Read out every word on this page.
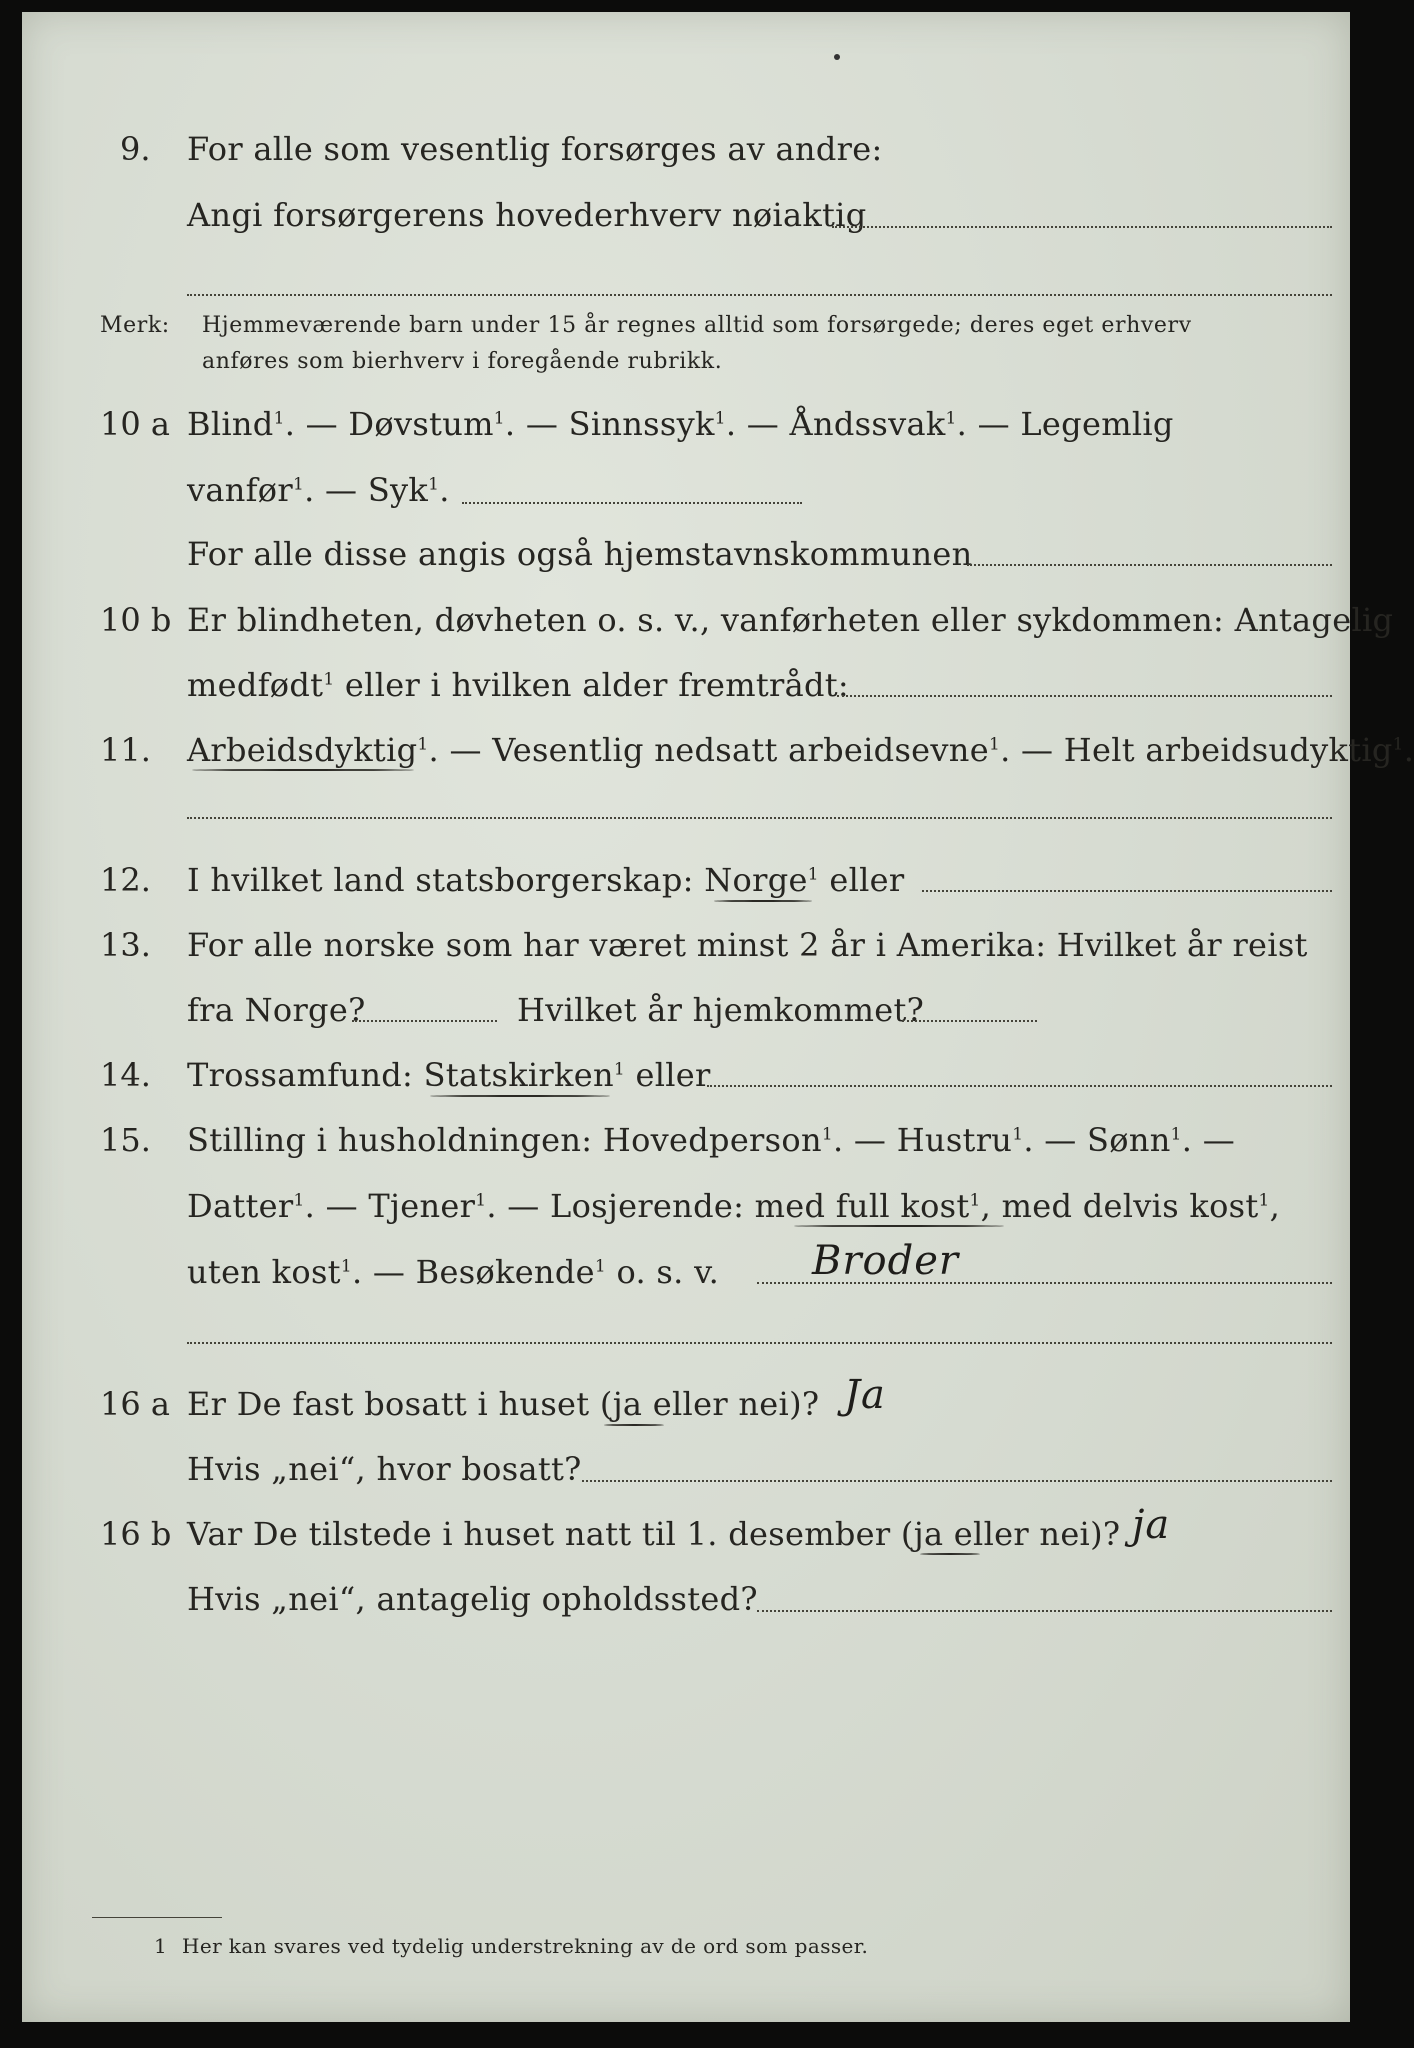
9. For alle som vesentlig forsørges av andre:
Angi forsørgerens hovederhverv nøiaktig
Merk: Hjemmeværende barn under 15 år regnes alltid som forsørgede; deres eget erhverv
anføres som bierhverv i foregående rubrikk.
10 a Blind$^1$. — Døvstum$^1$. — Sinnssyk$^1$. — Åndssvak$^1$. — Legemlig
vanfør$^1$. — Syk$^1$.
For alle disse angis også hjemstavnskommunen
10 b Er blindheten, døvheten o. s. v., vanførheten eller sykdommen: Antagelig
medfødt$^1$ eller i hvilken alder fremtrådt:
11. Arbeidsdyktig$^1$. — Vesentlig nedsatt arbeidsevne$^1$. — Helt arbeidsudyktig$^1$.
12. I hvilket land statsborgerskap: Norge$^1$ eller
13. For alle norske som har været minst 2 år i Amerika: Hvilket år reist
fra Norge?	Hvilket år hjemkommet?
14. Trossamfund: Statskirken$^1$ eller
15. Stilling i husholdningen: Hovedperson$^1$. — Hustru$^1$. — Sønn$^1$. —
Datter$^1$. — Tjener$^1$. — Losjerende: med full kost$^1$, med delvis kost$^1$,
uten kost$^1$. — Besøkende$^1$ o. s. v. Broder
16 a Er De fast bosatt i huset (ja eller nei)? Ja
Hvis „nei“, hvor bosatt?
16 b Var De tilstede i huset natt til 1. desember (ja eller nei)? ja
Hvis „nei“, antagelig opholdssted?
1 Her kan svares ved tydelig understrekning av de ord som passer.
